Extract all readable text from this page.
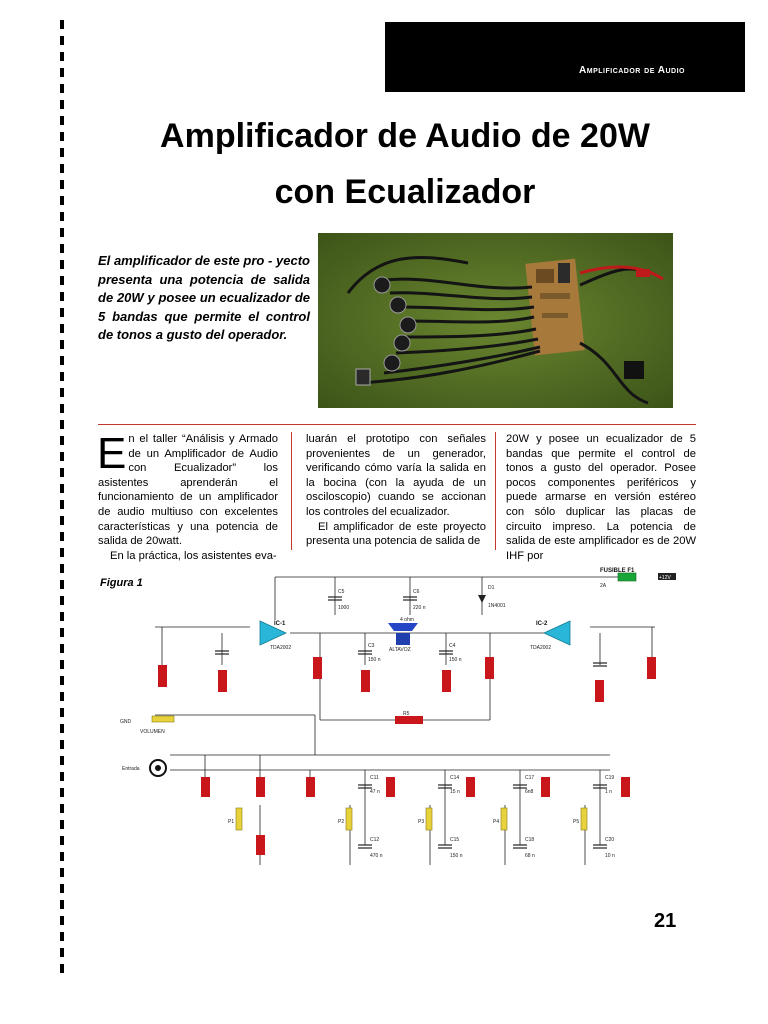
Amplificador de Audio
Amplificador de Audio de 20W
con Ecualizador

El amplificador de este pro - yecto presenta una potencia de salida de 20W y posee un ecualizador de 5 bandas que permite el control de tonos a gusto del operador.

En el taller “Análisis y Armado de un Amplificador de Audio con Ecualizador” los asistentes aprenderán el funcionamiento de un amplificador de audio multiuso con excelentes características y una potencia de salida de 20watt.

En la práctica, los asistentes eva-

luarán el prototipo con señales provenientes de un generador, verificando cómo varía la salida en la bocina (con la ayuda de un osciloscopio) cuando se accionan los controles del ecualizador.

El amplificador de este proyecto presenta una potencia de salida de

20W y posee un ecualizador de 5 bandas que permite el control de tonos a gusto del operador. Posee pocos componentes periféricos y puede armarse en versión estéreo con sólo duplicar las placas de circuito impreso. La potencia de salida de este amplificador es de 20W IHF por

Figura 1
IC-1
TDA2002
IC-2
TDA2002
ALTAVOZ
4 ohm
FUSIBLE F1
2A
+12V
Entrada
VOLUMEN
D1
1N4001
GND
C5
1000
C6
220 n
C3
150 n
C4
150 n
R5
P1	P2	P3	P4	P5
C11
47 n
C14
15 n
C17
6n8
C19
1 n
C12
470 n
C15
150 n
C18
68 n
C20
10 n
21
